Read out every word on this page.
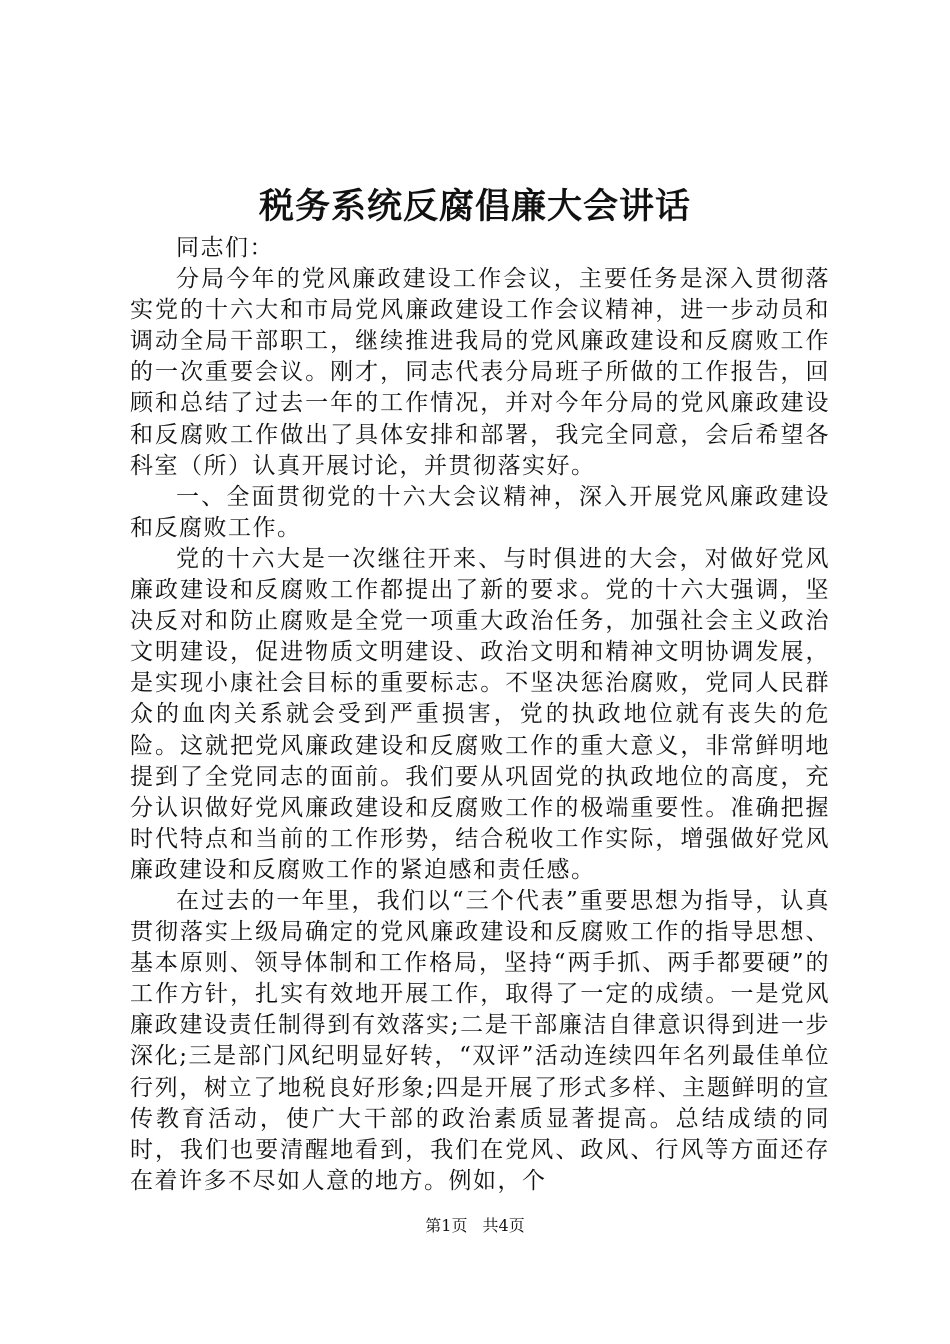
税务系统反腐倡廉大会讲话

同志们：

分局今年的党风廉政建设工作会议，主要任务是深入贯彻落实党的十六大和市局党风廉政建设工作会议精神，进一步动员和调动全局干部职工，继续推进我局的党风廉政建设和反腐败工作的一次重要会议。刚才，同志代表分局班子所做的工作报告，回顾和总结了过去一年的工作情况，并对今年分局的党风廉政建设和反腐败工作做出了具体安排和部署，我完全同意，会后希望各科室（所）认真开展讨论，并贯彻落实好。

一、全面贯彻党的十六大会议精神，深入开展党风廉政建设和反腐败工作。

党的十六大是一次继往开来、与时俱进的大会，对做好党风廉政建设和反腐败工作都提出了新的要求。党的十六大强调，坚决反对和防止腐败是全党一项重大政治任务，加强社会主义政治文明建设，促进物质文明建设、政治文明和精神文明协调发展，是实现小康社会目标的重要标志。不坚决惩治腐败，党同人民群众的血肉关系就会受到严重损害，党的执政地位就有丧失的危险。这就把党风廉政建设和反腐败工作的重大意义，非常鲜明地提到了全党同志的面前。我们要从巩固党的执政地位的高度，充分认识做好党风廉政建设和反腐败工作的极端重要性。准确把握时代特点和当前的工作形势，结合税收工作实际，增强做好党风廉政建设和反腐败工作的紧迫感和责任感。

在过去的一年里，我们以“三个代表”重要思想为指导，认真贯彻落实上级局确定的党风廉政建设和反腐败工作的指导思想、基本原则、领导体制和工作格局，坚持“两手抓、两手都要硬”的工作方针，扎实有效地开展工作，取得了一定的成绩。一是党风廉政建设责任制得到有效落实;二是干部廉洁自律意识得到进一步深化;三是部门风纪明显好转，“双评”活动连续四年名列最佳单位行列，树立了地税良好形象;四是开展了形式多样、主题鲜明的宣传教育活动，使广大干部的政治素质显著提高。总结成绩的同时，我们也要清醒地看到，我们在党风、政风、行风等方面还存在着许多不尽如人意的地方。例如，个

第1页 共4页
